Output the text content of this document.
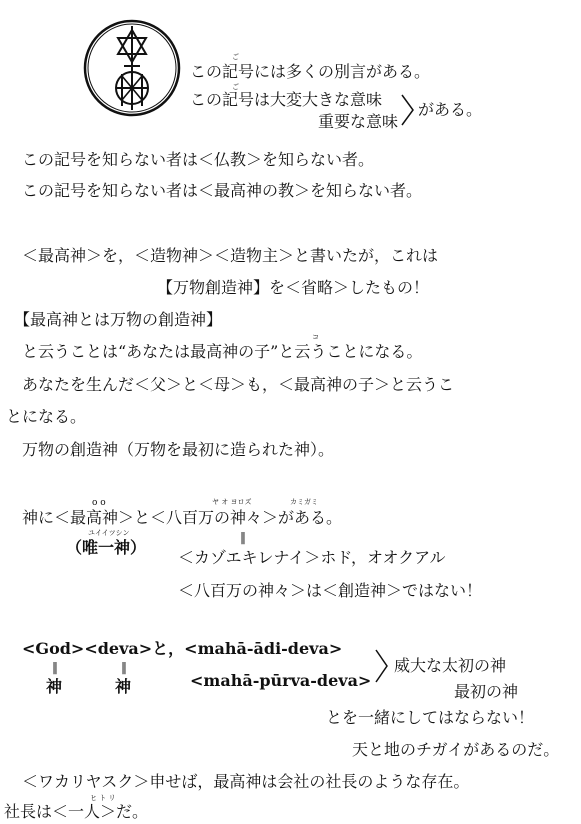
ご
この記号には多くの別言がある。
ご
この記号は大変大きな意味
重要な意味
がある。
この記号を知らない者は＜仏教＞を知らない者。
この記号を知らない者は＜最高神の教＞を知らない者。
＜最高神＞を，＜造物神＞＜造物主＞と書いたが，これは
【万物創造神】を＜省略＞したもの！
【最高神とは万物の創造神】
コ
と云うことは“あなたは最高神の子”と云うことになる。
あなたを生んだ＜父＞と＜母＞も，＜最高神の子＞と云うこ
とになる。
万物の創造神（万物を最初に造られた神）。
о о	ヤ オ ヨロズ	カミガミ
神に＜最高神＞と＜八百万の神々＞がある。
ユイイツシン
（唯一神）
‖
＜カゾエキレナイ＞ホド，オオクアル
＜八百万の神々＞は＜創造神＞ではない！
<God><deva>と，<mahā-ādi-deva>
‖	‖
神	神	<mahā-pūrva-deva>
威大な太初の神
最初の神
とを一緒にしてはならない！
天と地のチガイがあるのだ。
＜ワカリヤスク＞申せば，最高神は会社の社長のような存在。
ヒ ト リ
社長は＜一人＞だ。
